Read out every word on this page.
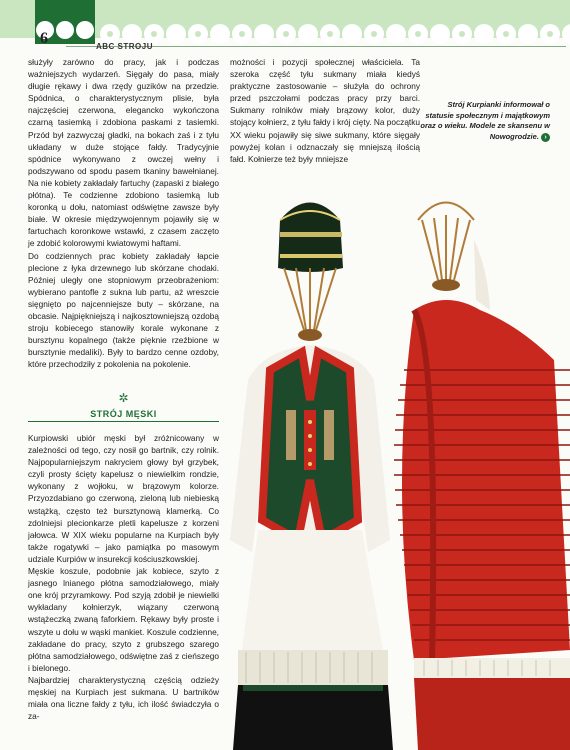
6	ABC STROJU

służyły zarówno do pracy, jak i podczas ważniejszych wydarzeń. Sięgały do pasa, miały długie rękawy i dwa rzędy guzików na przedzie. Spódnica, o charakterystycznym plisie, była najczęściej czerwona, elegancko wykończona czarną tasiemką i zdobiona paskami z tasiemki. Przód był zazwyczaj gładki, na bokach zaś i z tyłu układany w duże stojące fałdy. Tradycyjnie spódnice wykonywano z owczej wełny i podszywano od spodu pasem tkaniny bawełnianej. Na nie kobiety zakładały fartuchy (zapaski z białego płótna). Te codzienne zdobiono tasiemką lub koronką u dołu, natomiast odświętne zawsze były białe. W okresie międzywojennym pojawiły się w fartuchach koronkowe wstawki, z czasem zaczęto je zdobić kolorowymi kwiatowymi haftami.

Do codziennych prac kobiety zakładały łapcie plecione z łyka drzewnego lub skórzane chodaki. Później uległy one stopniowym przeobrażeniom: wybierano pantofle z sukna lub partu, aż wreszcie sięgnięto po najcenniejsze buty – skórzane, na obcasie. Najpiękniejszą i najkosztowniejszą ozdobą stroju kobiecego stanowiły korale wykonane z bursztynu kopalnego (także pięknie rzeźbione w bursztynie medaliki). Były to bardzo cenne ozdoby, które przechodziły z pokolenia na pokolenie.

✲
STRÓJ MĘSKI

Kurpiowski ubiór męski był zróżnicowany w zależności od tego, czy nosił go bartnik, czy rolnik. Najpopularniejszym nakryciem głowy był grzybek, czyli prosty ścięty kapelusz o niewielkim rondzie, wykonany z wojłoku, w brązowym kolorze. Przyozdabiano go czerwoną, zieloną lub niebieską wstążką, często też bursztynową klamerką. Co zdolniejsi plecionkarze pletli kapelusze z korzeni jałowca. W XIX wieku popularne na Kurpiach były także rogatywki – jako pamiątka po masowym udziale Kurpiów w insurekcji kościuszkowskiej.

Męskie koszule, podobnie jak kobiece, szyto z jasnego lnianego płótna samodziałowego, miały one krój przyramkowy. Pod szyją zdobił je niewielki wykładany kołnierzyk, wiązany czerwoną wstążeczką zwaną faforkiem. Rękawy były proste i wszyte u dołu w wąski mankiet. Koszule codzienne, zakładane do pracy, szyto z grubszego szarego płótna samodziałowego, odświętne zaś z cieńszego i bielonego.

Najbardziej charakterystyczną częścią odzieży męskiej na Kurpiach jest sukmana. U bartników miała ona liczne fałdy z tyłu, ich ilość świadczyła o za-

możności i pozycji społecznej właściciela. Ta szeroka część tyłu sukmany miała kiedyś praktyczne zastosowanie – służyła do ochrony przed pszczołami podczas pracy przy barci. Sukmany rolników miały brązowy kolor, duży stojący kołnierz, z tyłu fałdy i krój cięty. Na początku XX wieku pojawiły się siwe sukmany, które sięgały powyżej kolan i odznaczały się mniejszą ilością fałd. Kołnierze też były mniejsze

Strój Kurpianki informował o statusie społecznym i majątkowym oraz o wieku. Modele ze skansenu w Nowogrodzie. ›
